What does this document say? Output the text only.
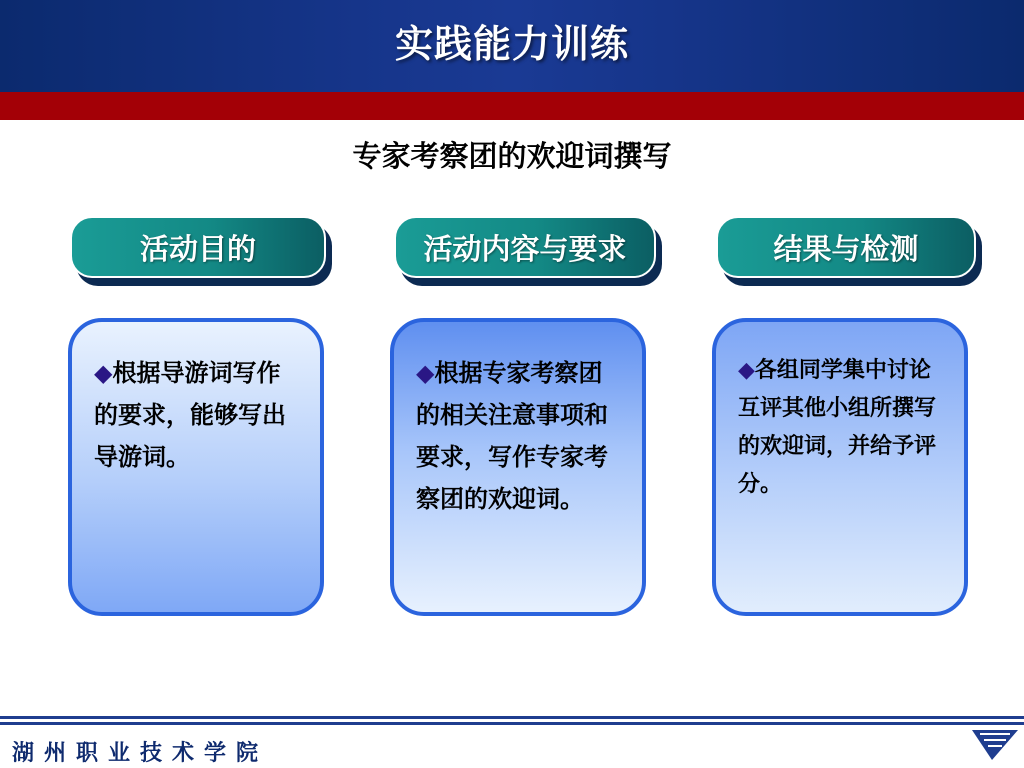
实践能力训练
专家考察团的欢迎词撰写
活动目的	活动内容与要求	结果与检测
◆根据导游词写作的要求，能够写出导游词。
◆根据专家考察团的相关注意事项和要求，写作专家考察团的欢迎词。
◆各组同学集中讨论互评其他小组所撰写的欢迎词，并给予评分。
湖州职业技术学院
